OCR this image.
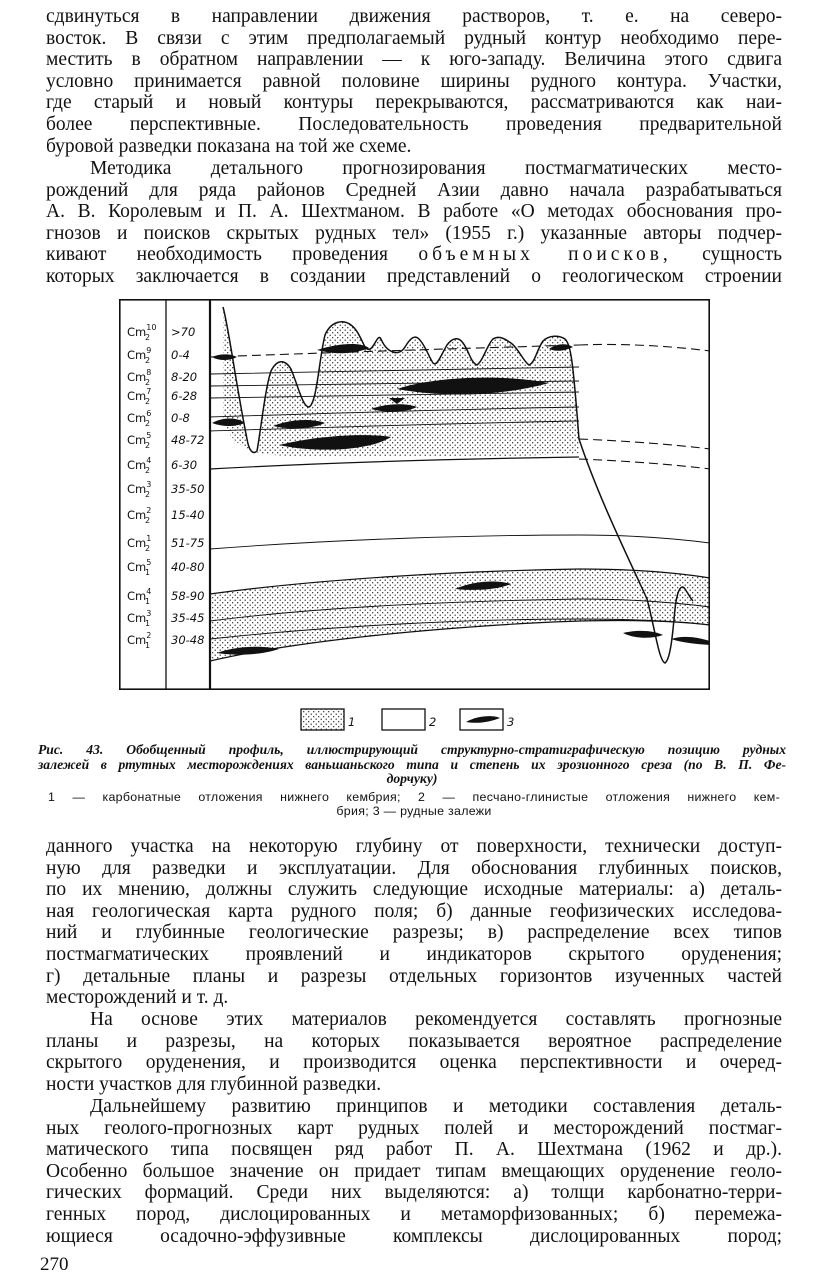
сдвинуться в направлении движения растворов, т. е. на северо-
восток. В связи с этим предполагаемый рудный контур необходимо пере-
местить в обратном направлении — к юго-западу. Величина этого сдвига
условно принимается равной половине ширины рудного контура. Участки,
где старый и новый контуры перекрываются, рассматриваются как наи-
более перспективные. Последовательность проведения предварительной
буровой разведки показана на той же схеме.
Методика детального прогнозирования постмагматических место-
рождений для ряда районов Средней Азии давно начала разрабатываться
А. В. Королевым и П. А. Шехтманом. В работе «О методах обоснования про-
гнозов и поисков скрытых рудных тел» (1955 г.) указанные авторы подчер-
кивают необходимость проведения объемных поисков, сущность
которых заключается в создании представлений о геологическом строении
Cm$^{10}$ 2
Cm$^9$ 2
Cm$^8$ 2
Cm$^7$ 2
Cm$^6$ 2
Cm$^5$ 2
Cm$^4$ 2
Cm$^3$ 2
Cm$^2$ 2
Cm$^1$ 2
Cm$^5$ 1
Cm$^4$ 1
Cm$^3$ 1
Cm$^2$ 1
>70
0-4
8-20
6-28
0-8
48-72
6-30
35-50
15-40
51-75
40-80
58-90
35-45
30-48
1	2	3
Рис. 43. Обобщенный профиль, иллюстрирующий структурно-стратиграфическую позицию рудных
залежей в ртутных месторождениях ваньшаньского типа и степень их эрозионного среза (по В. П. Фе-
дорчуку)
1 — карбонатные отложения нижнего кембрия; 2 — песчано-глинистые отложения нижнего кем-
брия; 3 — рудные залежи
данного участка на некоторую глубину от поверхности, технически доступ-
ную для разведки и эксплуатации. Для обоснования глубинных поисков,
по их мнению, должны служить следующие исходные материалы: а) деталь-
ная геологическая карта рудного поля; б) данные геофизических исследова-
ний и глубинные геологические разрезы; в) распределение всех типов
постмагматических проявлений и индикаторов скрытого оруденения;
г) детальные планы и разрезы отдельных горизонтов изученных частей
месторождений и т. д.
На основе этих материалов рекомендуется составлять прогнозные
планы и разрезы, на которых показывается вероятное распределение
скрытого оруденения, и производится оценка перспективности и очеред-
ности участков для глубинной разведки.
Дальнейшему развитию принципов и методики составления деталь-
ных геолого-прогнозных карт рудных полей и месторождений постмаг-
матического типа посвящен ряд работ П. А. Шехтмана (1962 и др.).
Особенно большое значение он придает типам вмещающих оруденение геоло-
гических формаций. Среди них выделяются: а) толщи карбонатно-терри-
генных пород, дислоцированных и метаморфизованных; б) перемежа-
ющиеся осадочно-эффузивные комплексы дислоцированных пород;
270
